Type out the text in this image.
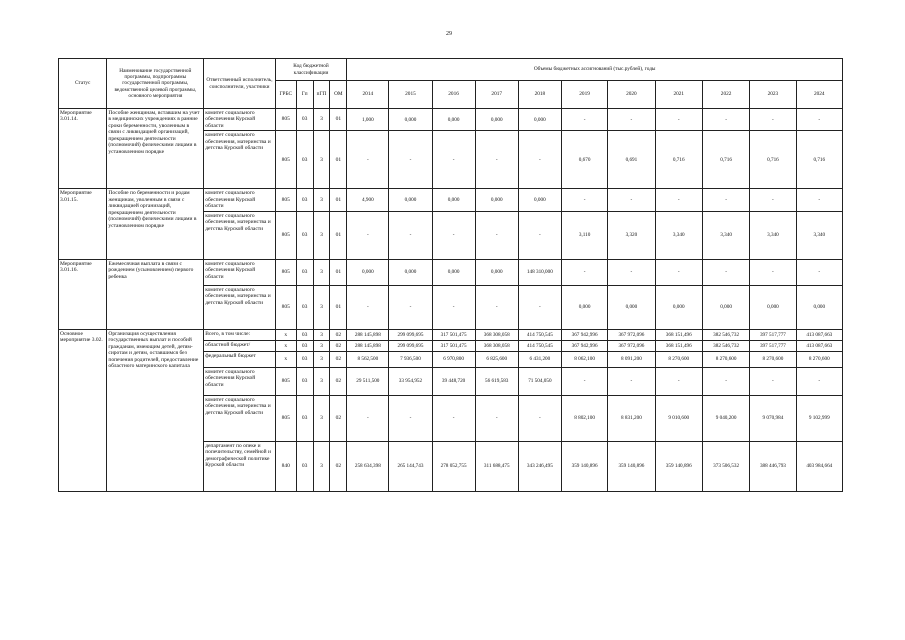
29
Статус	Наименование государственной программы, подпрограммы государственной программы, ведомственной целевой программы, основного мероприятия	Ответственный исполнитель, соисполнители, участники	Код бюджетной классификации				Объемы бюджетных ассигнований (тыс.рублей), годы										
			ГРБС	Гп	пГП	ОМ	2014	2015	2016	2017	2018	2019	2020	2021	2022	2023	2024
Мероприятие 3.01.14.	Пособие женщинам, вставшим на учет в медицинских учреждениях в ранние сроки беременности, уволенным в связи с ликвидацией организаций, прекращением деятельности (полномочий) физическими лицами в установленном порядке	комитет социального обеспечения Курской области	805	03	3	01	1,000	0,000	0,000	0,000	0,000	-	-	-	-	-	-
		комитет социального обеспечения, материнства и детства Курской области	805	03	3	01	-	-	-	-	-	0,670	0,691	0,716	0,716	0,716	0,716
Мероприятие 3.01.15.	Пособие по беременности и родам женщинам, уволенным в связи с ликвидацией организаций, прекращением деятельности (полномочий) физическими лицами в установленном порядке	комитет социального обеспечения Курской области	805	03	3	01	4,900	0,000	0,000	0,000	0,000	-	-	-	-	-	-
		комитет социального обеспечения, материнства и детства Курской области	805	03	3	01	-	-	-	-	-	3,110	3,320	3,340	3,340	3,340	3,340
Мероприятие 3.01.16.	Ежемесячная выплата в связи с рождением (усыновлением) первого ребенка	комитет социального обеспечения Курской области	805	03	3	01	0,000	0,000	0,000	0,000	148 310,000	-	-	-	-	-	-
		комитет социального обеспечения, материнства и детства Курской области	805	03	3	01	-	-	-	-	-	0,000	0,000	0,000	0,000	0,000	0,000
Основное мероприятие 3.02.	Организация осуществления государственных выплат и пособий гражданам, имеющим детей, детям-сиротам и детям, оставшимся без попечения родителей, предоставление областного материнского капитала	Всего, в том числе:	х	03	3	02	288 145,898	299 099,695	317 501,475	368 308,058	414 750,545	367 942,996	367 972,096	368 151,496	382 546,732	397 517,777	413 087,663
		областной бюджет/	х	03	3	02	288 145,898	299 099,695	317 501,475	368 308,058	414 750,545	367 942,996	367 972,096	368 151,496	382 546,732	397 517,777	413 087,663
		федеральный бюджет	х	03	3	02	8 562,500	7 936,500	6 970,800	6 825,600	6 431,200	8 062,100	8 091,200	8 270,600	8 270,600	8 270,600	8 270,600
		комитет социального обеспечения Курской области	805	03	3	02	29 511,500	33 954,952	39 448,720	56 619,583	71 504,050	-	-	-	-	-	-
		комитет социального обеспечения, материнства и детства Курской области	805	03	3	02	-	-	-	-	-	8 802,100	8 831,200	9 010,600	9 040,200	9 070,984	9 102,999
		департамент по опеке и попечительству, семейной и демографической политике Курской области	840	03	3	02	258 634,398	265 144,743	278 052,755	311 688,475	343 246,495	359 140,896	359 140,896	359 140,896	373 506,532	388 446,793	403 984,664
